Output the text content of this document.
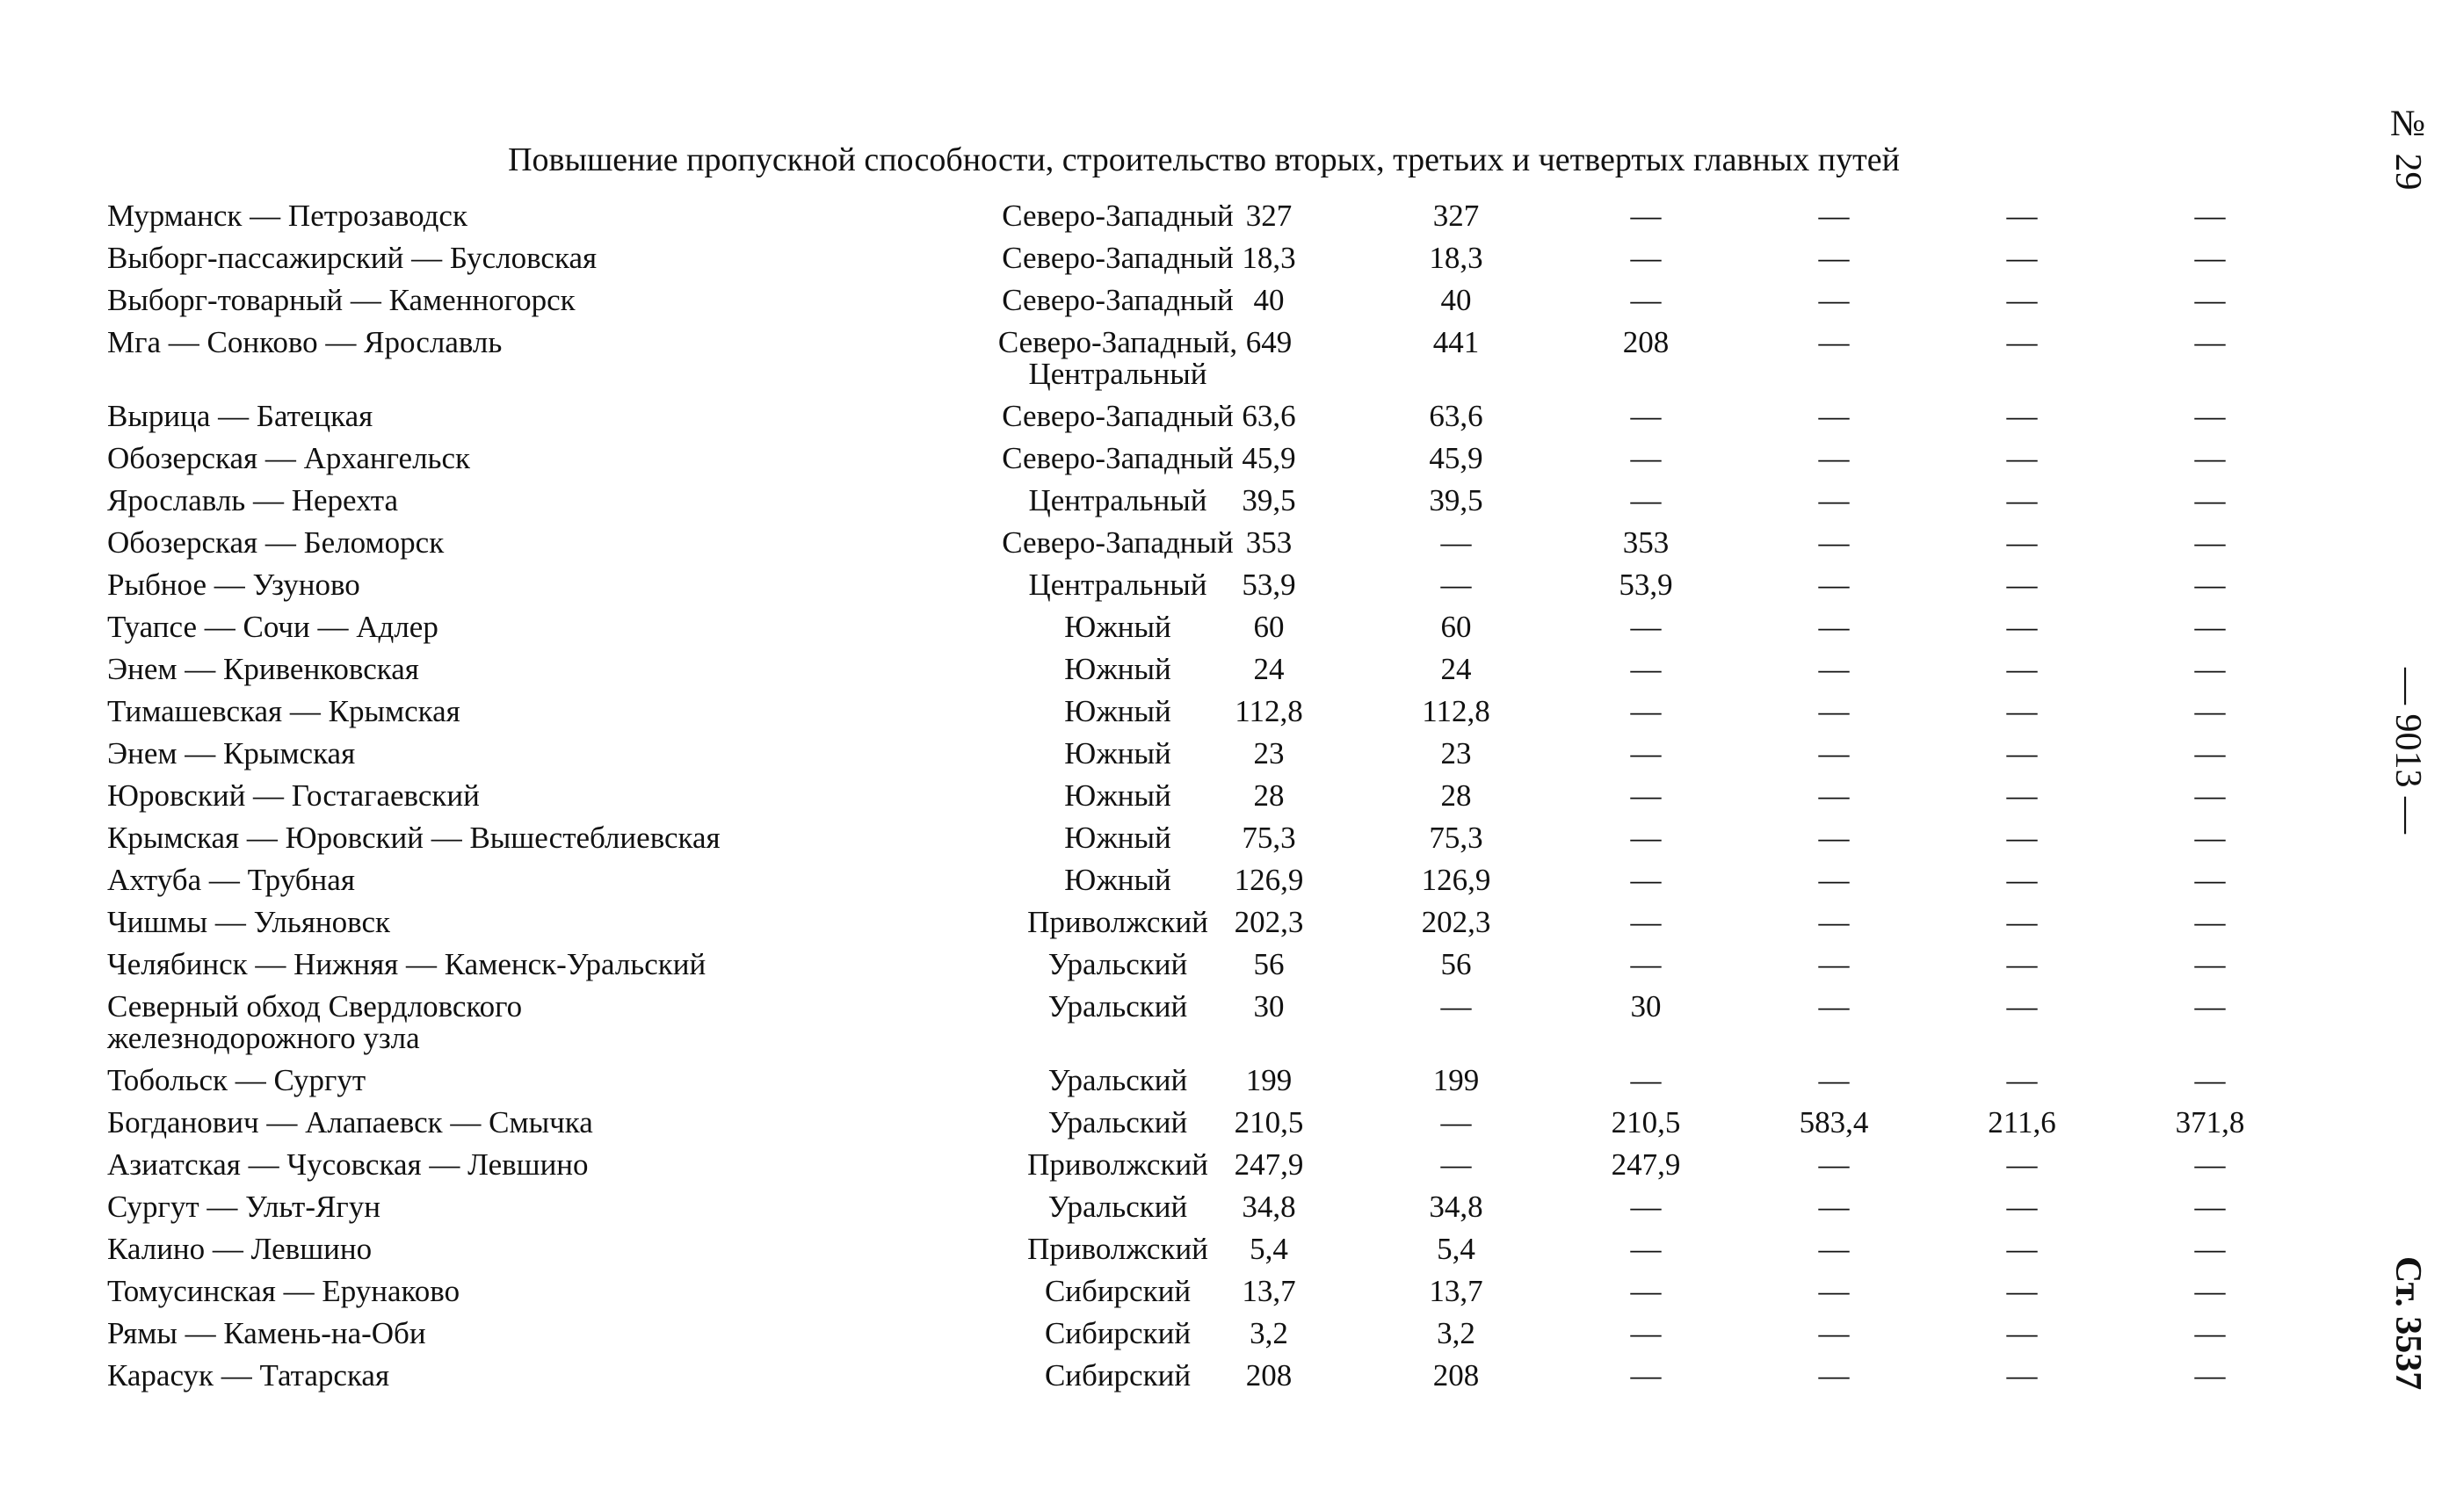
Повышение пропускной способности, строительство вторых, третьих и четвертых главных путей
Мурманск — Петрозаводск	Северо-Западный 327	327	—	—	—	—
Выборг-пассажирский — Бусловская	Северо-Западный 18,3	18,3	—	—	—	—
Выборг-товарный — Каменногорск	Северо-Западный 40	40	—	—	—	—
Мга — Сонково — Ярославль	Северо-Западный,
Центральный
649	441	208	—	—	—
Вырица — Батецкая	Северо-Западный 63,6	63,6	—	—	—	—
Обозерская — Архангельск	Северо-Западный 45,9	45,9	—	—	—	—
Ярославль — Нерехта	Центральный	39,5	39,5	—	—	—	—
Обозерская — Беломорск	Северо-Западный 353	—	353	—	—	—
Рыбное — Узуново	Центральный	53,9	—	53,9	—	—	—
Туапсе — Сочи — Адлер	Южный	60	60	—	—	—	—
Энем — Кривенковская	Южный	24	24	—	—	—	—
Тимашевская — Крымская	Южный	112,8	112,8	—	—	—	—
Энем — Крымская	Южный	23	23	—	—	—	—
Юровский — Гостагаевский	Южный	28	28	—	—	—	—
Крымская — Юровский — Вышестеблиевская	Южный	75,3	75,3	—	—	—	—
Ахтуба — Трубная	Южный	126,9	126,9	—	—	—	—
Чишмы — Ульяновск	Приволжский 202,3	202,3	—	—	—	—
Челябинск — Нижняя — Каменск-Уральский	Уральский	56	56	—	—	—	—
Северный обход Свердловского
железнодорожного узла
Уральский	30	—	30	—	—	—
Тобольск — Сургут	Уральский	199	199	—	—	—	—
Богданович — Алапаевск — Смычка	Уральский	210,5	—	210,5	583,4	211,6	371,8
Азиатская — Чусовская — Левшино	Приволжский 247,9	—	247,9	—	—	—
Сургут — Ульт-Ягун	Уральский	34,8	34,8	—	—	—	—
Калино — Левшино	Приволжский	5,4	5,4	—	—	—	—
Томусинская — Ерунаково	Сибирский	13,7	13,7	—	—	—	—
Рямы — Камень-на-Оби	Сибирский	3,2	3,2	—	—	—	—
Карасук — Татарская	Сибирский	208	208	—	—	—	—
№ 29
— 9013 —
Ст. 3537
